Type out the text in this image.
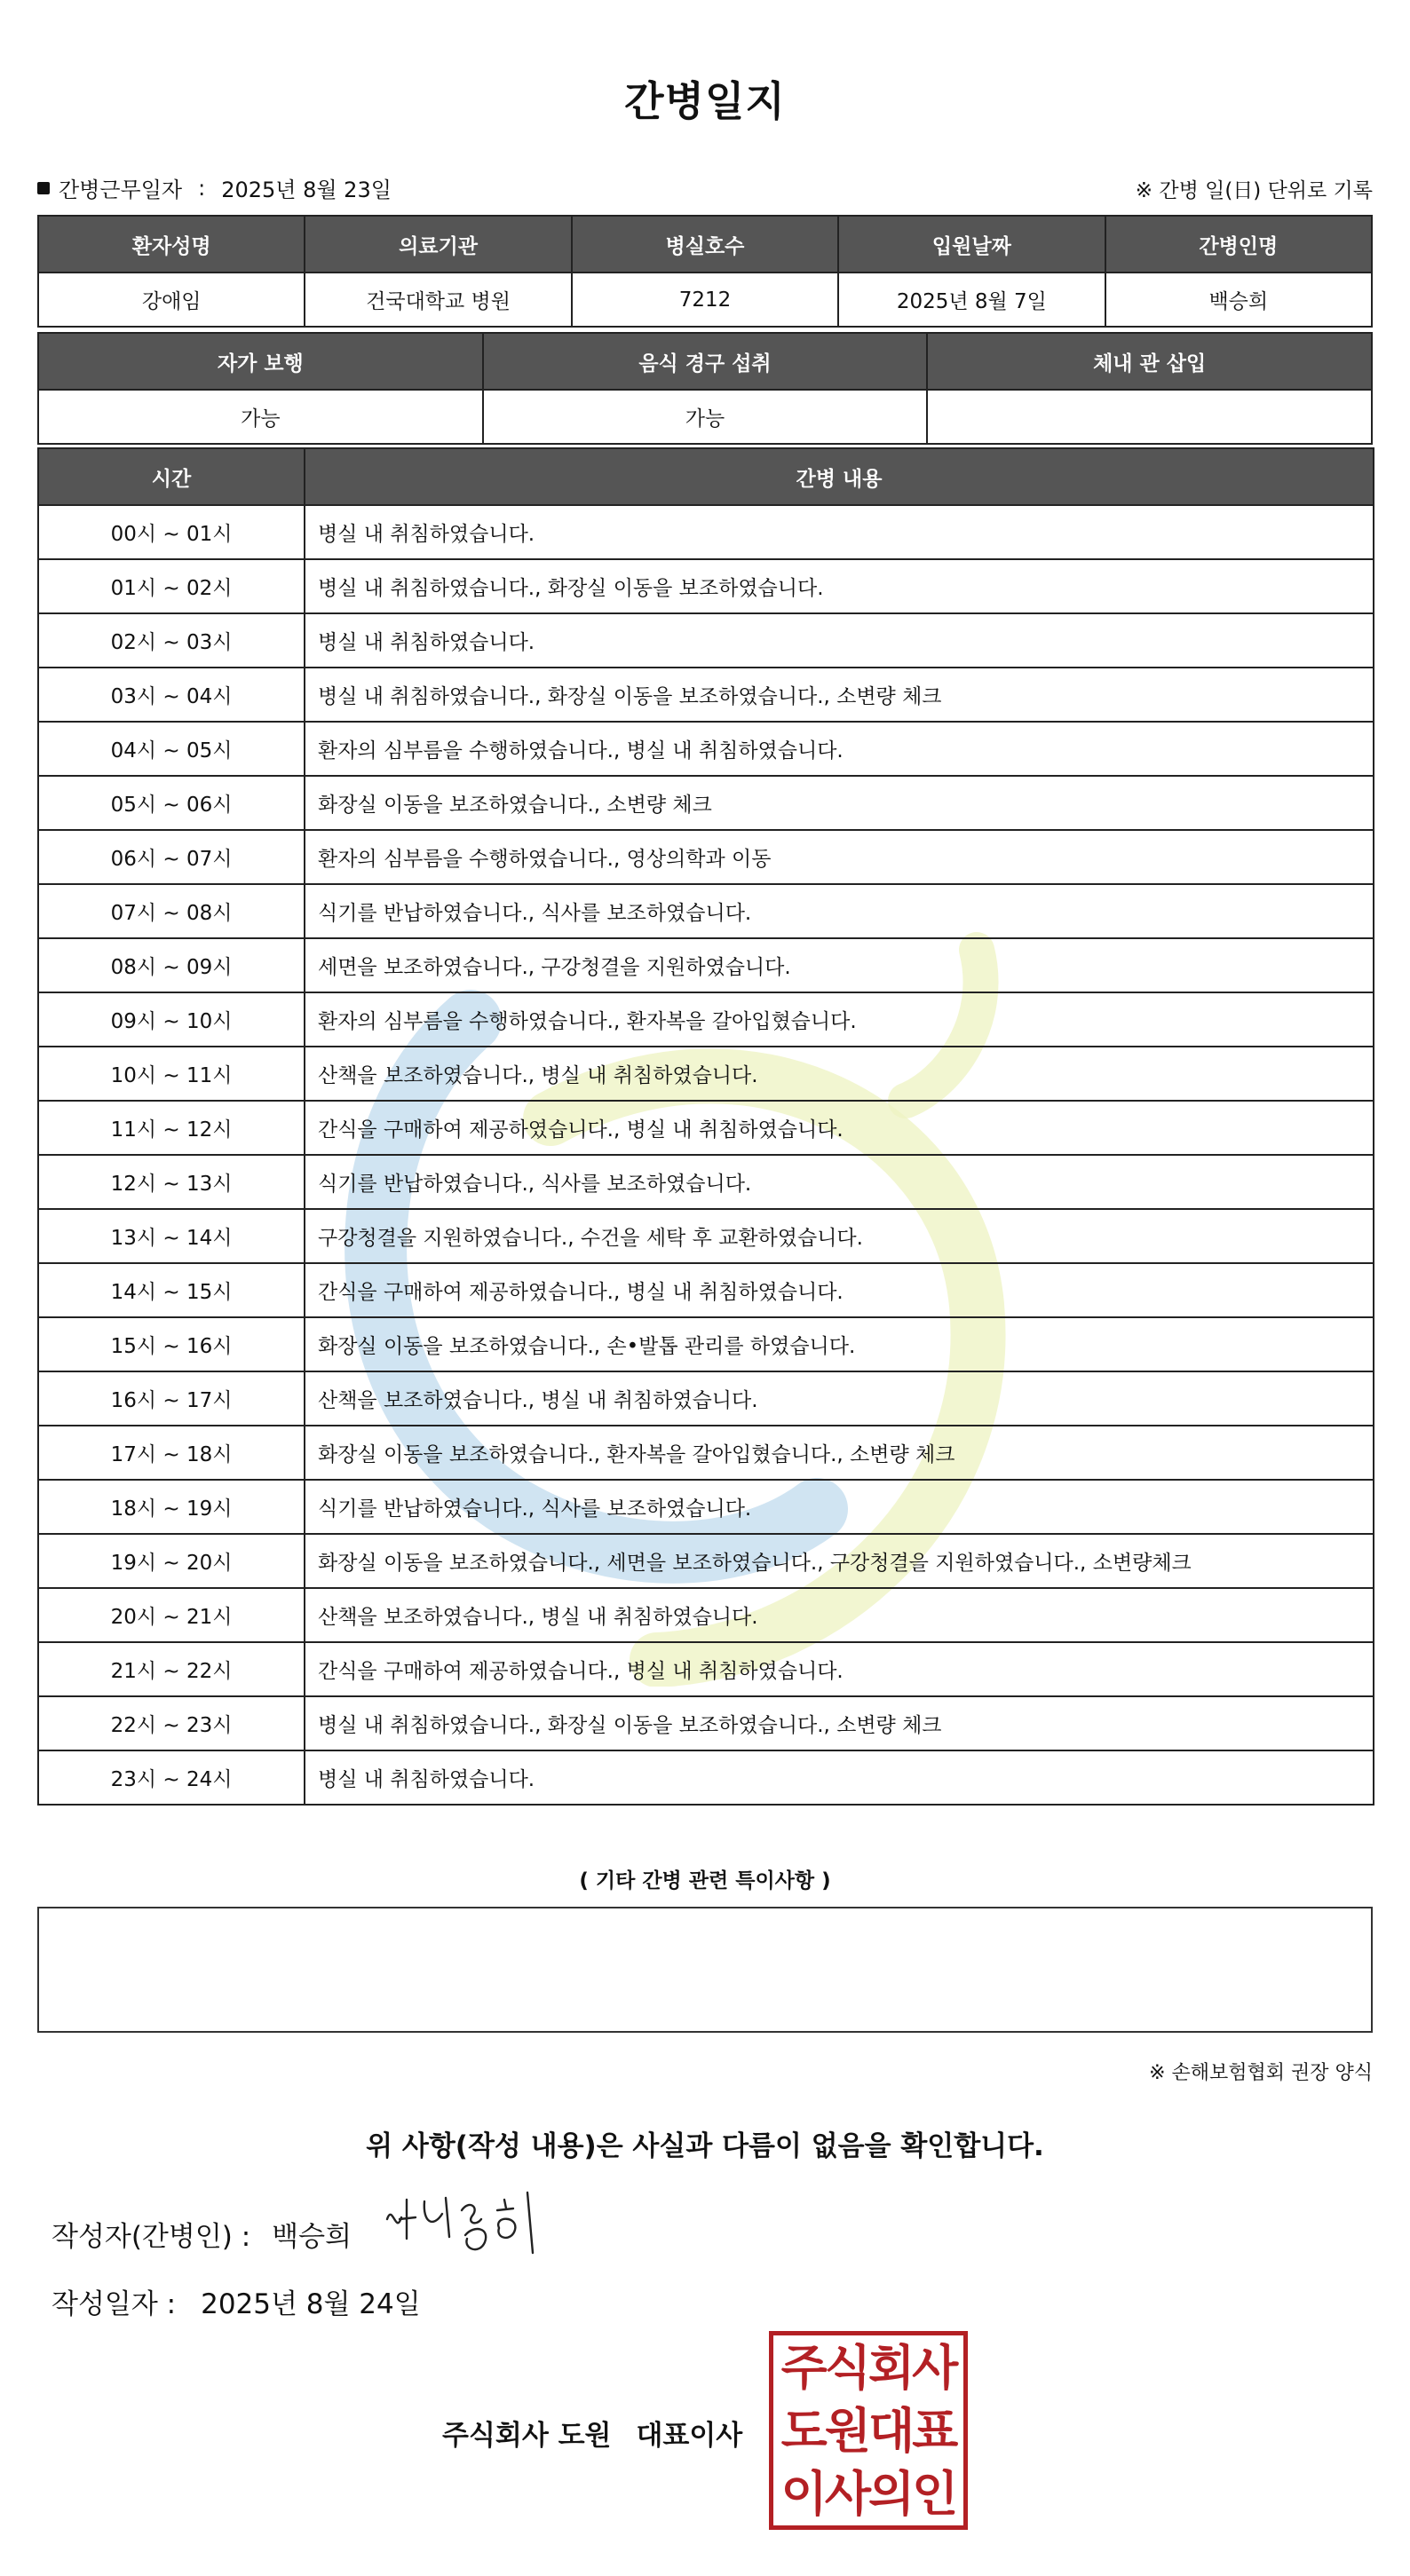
간병일지
간병근무일자 : 2025년 8월 23일	※ 간병 일(日) 단위로 기록
환자성명	의료기관	병실호수	입원날짜	간병인명
강애임	건국대학교 병원	7212	2025년 8월 7일	백승희
자가 보행	음식 경구 섭취	체내 관 삽입
가능	가능	
시간	간병 내용
00시 ~ 01시	병실 내 취침하였습니다.
01시 ~ 02시	병실 내 취침하였습니다., 화장실 이동을 보조하였습니다.
02시 ~ 03시	병실 내 취침하였습니다.
03시 ~ 04시	병실 내 취침하였습니다., 화장실 이동을 보조하였습니다., 소변량 체크
04시 ~ 05시	환자의 심부름을 수행하였습니다., 병실 내 취침하였습니다.
05시 ~ 06시	화장실 이동을 보조하였습니다., 소변량 체크
06시 ~ 07시	환자의 심부름을 수행하였습니다., 영상의학과 이동
07시 ~ 08시	식기를 반납하였습니다., 식사를 보조하였습니다.
08시 ~ 09시	세면을 보조하였습니다., 구강청결을 지원하였습니다.
09시 ~ 10시	환자의 심부름을 수행하였습니다., 환자복을 갈아입혔습니다.
10시 ~ 11시	산책을 보조하였습니다., 병실 내 취침하였습니다.
11시 ~ 12시	간식을 구매하여 제공하였습니다., 병실 내 취침하였습니다.
12시 ~ 13시	식기를 반납하였습니다., 식사를 보조하였습니다.
13시 ~ 14시	구강청결을 지원하였습니다., 수건을 세탁 후 교환하였습니다.
14시 ~ 15시	간식을 구매하여 제공하였습니다., 병실 내 취침하였습니다.
15시 ~ 16시	화장실 이동을 보조하였습니다., 손•발톱 관리를 하였습니다.
16시 ~ 17시	산책을 보조하였습니다., 병실 내 취침하였습니다.
17시 ~ 18시	화장실 이동을 보조하였습니다., 환자복을 갈아입혔습니다., 소변량 체크
18시 ~ 19시	식기를 반납하였습니다., 식사를 보조하였습니다.
19시 ~ 20시	화장실 이동을 보조하였습니다., 세면을 보조하였습니다., 구강청결을 지원하였습니다., 소변량체크
20시 ~ 21시	산책을 보조하였습니다., 병실 내 취침하였습니다.
21시 ~ 22시	간식을 구매하여 제공하였습니다., 병실 내 취침하였습니다.
22시 ~ 23시	병실 내 취침하였습니다., 화장실 이동을 보조하였습니다., 소변량 체크
23시 ~ 24시	병실 내 취침하였습니다.
( 기타 간병 관련 특이사항 )
※ 손해보험협회 권장 양식
위 사항(작성 내용)은 사실과 다름이 없음을 확인합니다.
작성자(간병인) : 백승희
작성일자 : 2025년 8월 24일
주식회사 도원 대표이사
주식회사
도원대표
이사의인
